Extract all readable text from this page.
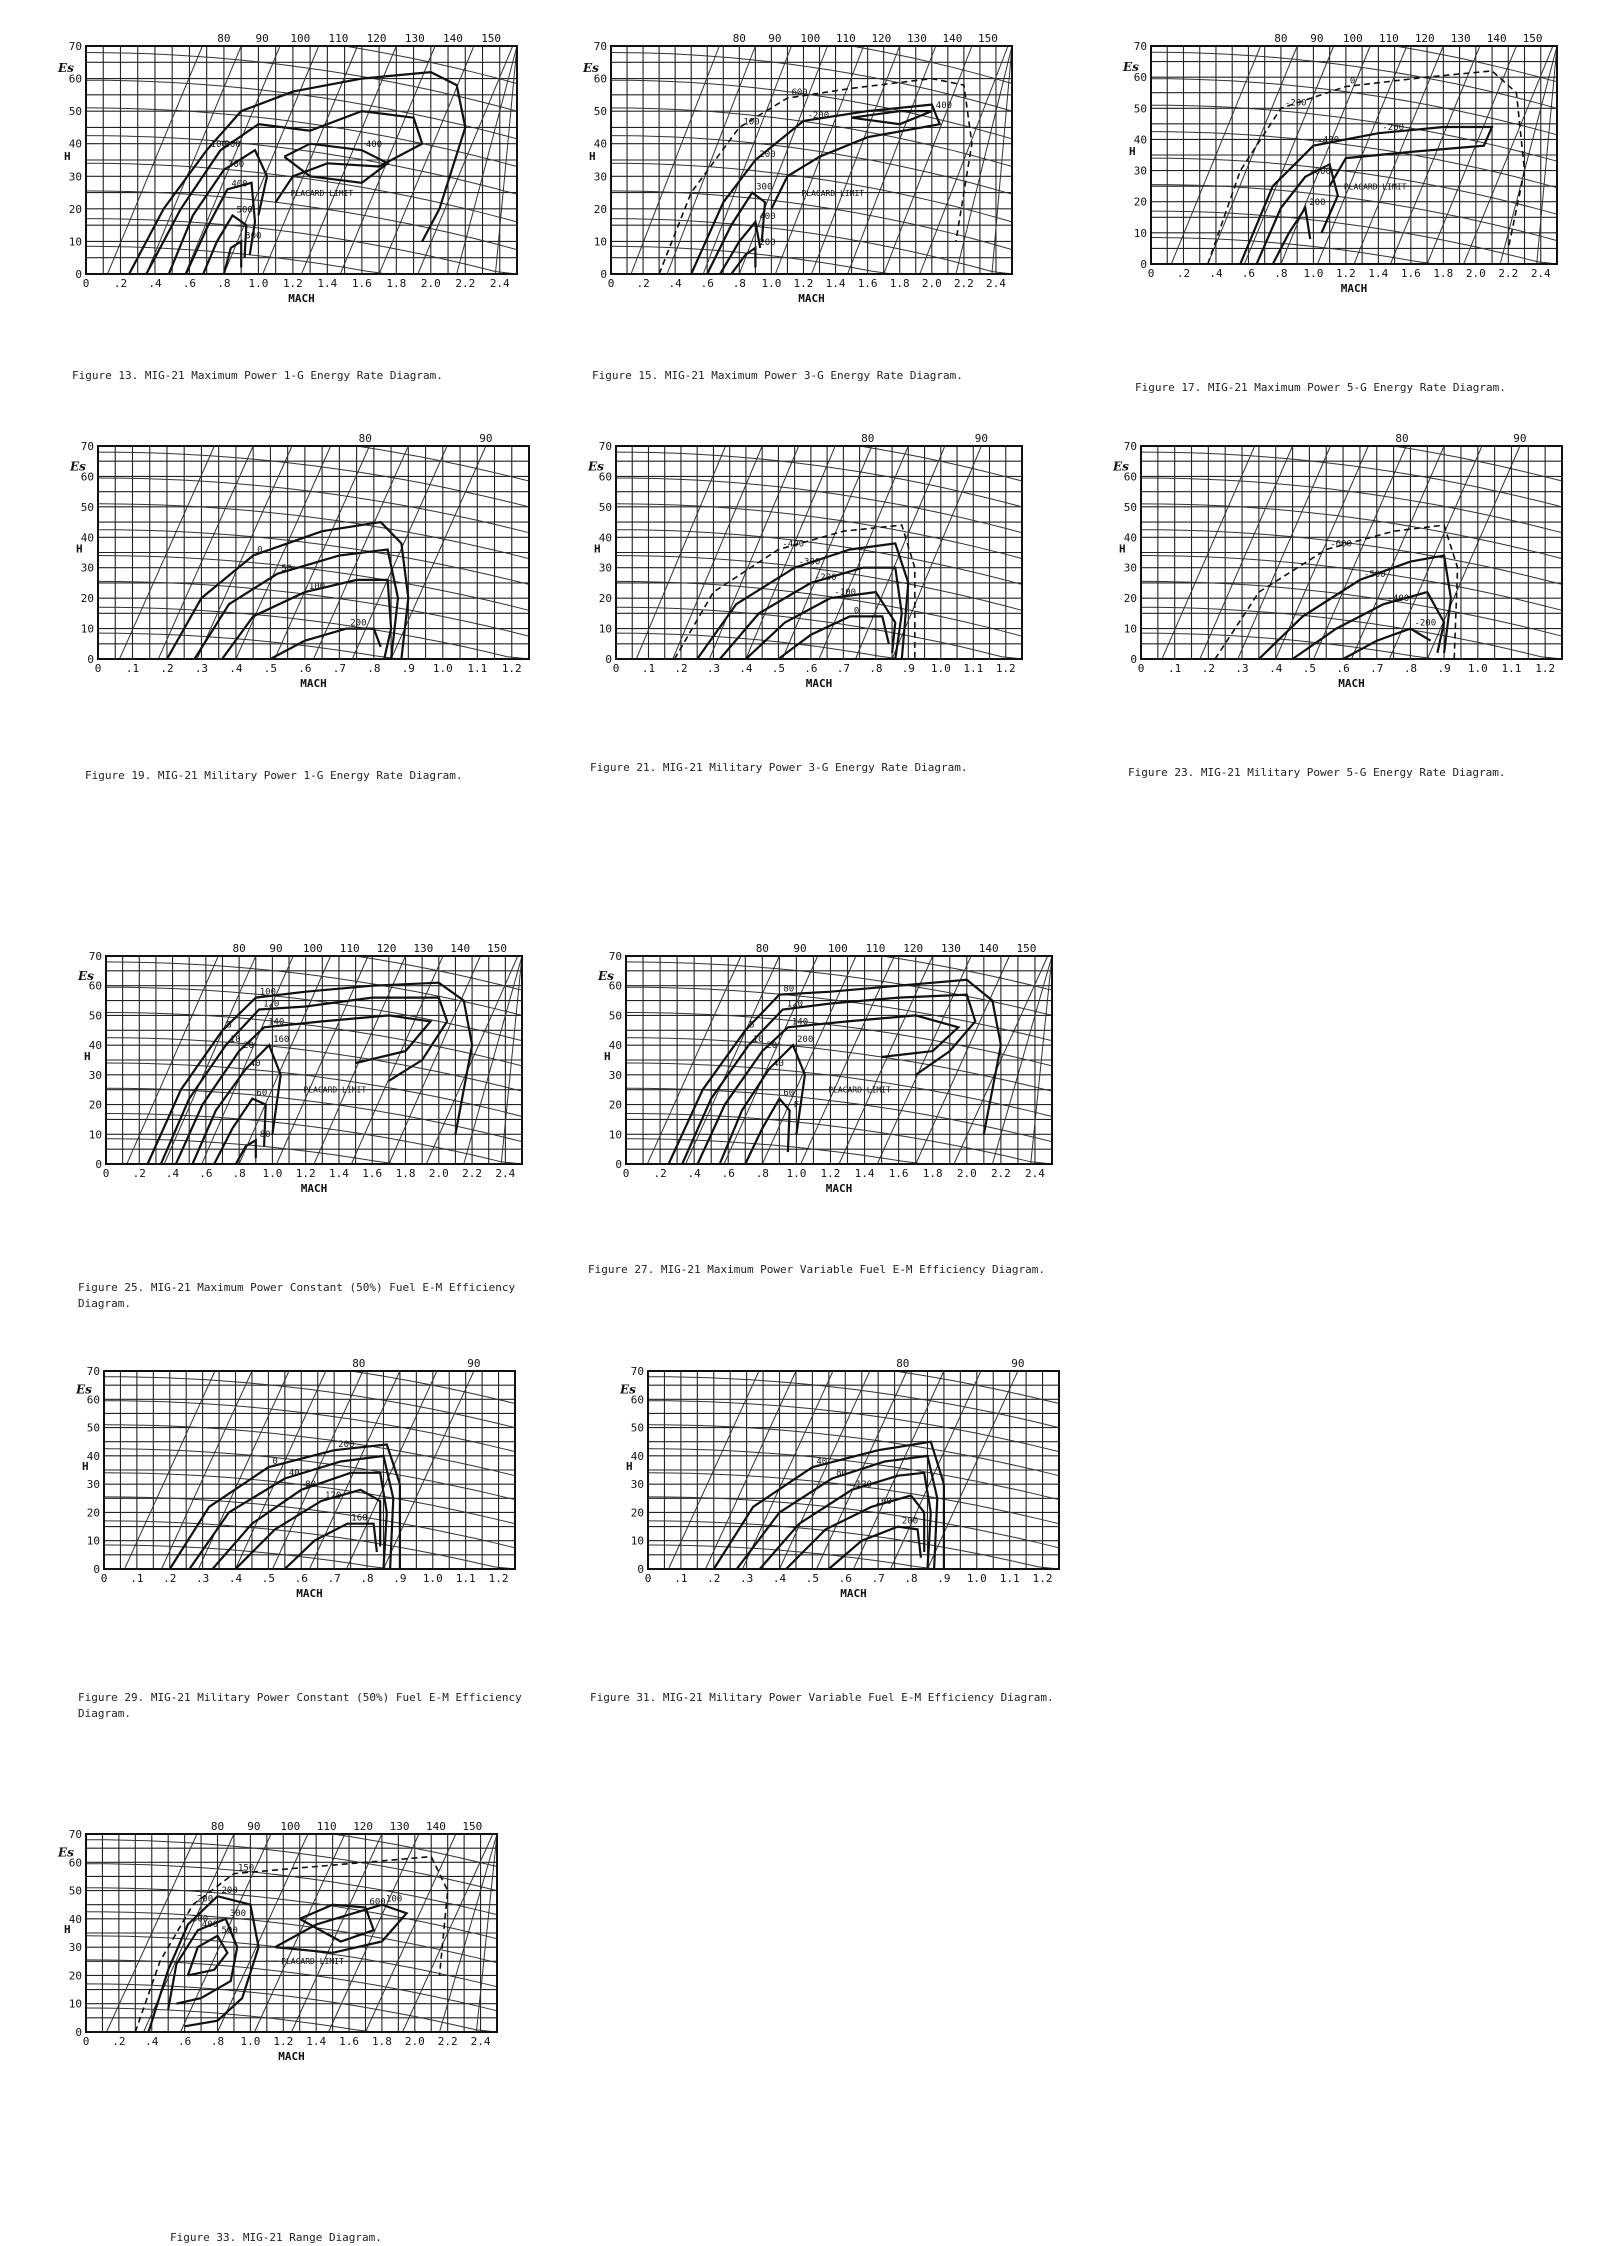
0 .2 .4 .6 .8 1.0 1.2 1.4 1.6 1.8 2.0 2.2 2.4
0
10
20
30
40
50
60
70
80 90 100 110 120 130 140 150
MACH
H
Es
100
200
300
400
500
300
400
PLACARD LIMIT
Figure 13. MIG-21 Maximum Power 1-G Energy Rate Diagram.
0 .2 .4 .6 .8 1.0 1.2 1.4 1.6 1.8 2.0 2.2 2.4
0
10
20
30
40
50
60
70
80 90 100 110 120 130 140 150
MACH
H
Es
100
200
300
400
200
400
600
-200
PLACARD LIMIT
Figure 15. MIG-21 Maximum Power 3-G Energy Rate Diagram.
0 .2 .4 .6 .8 1.0 1.2 1.4 1.6 1.8 2.0 2.2 2.4
0
10
20
30
40
50
60
70
80 90 100 110 120 130 140 150
MACH
H
Es
-200
-400
-600
200
0
-200
PLACARD LIMIT
Figure 17. MIG-21 Maximum Power 5-G Energy Rate Diagram.
0 .1 .2 .3 .4 .5 .6 .7 .8 .9 1.0 1.1 1.2
0
10
20
30
40
50
60
70
80	90
MACH
H
Es
0
50
100
200
Figure 19. MIG-21 Military Power 1-G Energy Rate Diagram.
0 .1 .2 .3 .4 .5 .6 .7 .8 .9 1.0 1.1 1.2
0
10
20
30
40
50
60
70
80	90
MACH
H
Es
-400
-300
-200
-100
0
Figure 21. MIG-21 Military Power 3-G Energy Rate Diagram.
0 .1 .2 .3 .4 .5 .6 .7 .8 .9 1.0 1.1 1.2
0
10
20
30
40
50
60
70
80	90
MACH
H
Es
-600
-500
-400
-200
Figure 23. MIG-21 Military Power 5-G Energy Rate Diagram.
0 .2 .4 .6 .8 1.0 1.2 1.4 1.6 1.8 2.0 2.2 2.4
0
10
20
30
40
50
60
70
80 90 100 110 120 130 140 150
MACH
H
Es
5
10
20
40
60
80
100
120
140
160
PLACARD LIMIT
Figure 25. MIG-21 Maximum Power Constant (50%) Fuel E-M Efficiency Diagram.
0 .2 .4 .6 .8 1.0 1.2 1.4 1.6 1.8 2.0 2.2 2.4
0
10
20
30
40
50
60
70
80 90 100 110 120 130 140 150
MACH
H
Es
5
10
20
40
60
80
120
140
200
F
PLACARD LIMIT
Figure 27. MIG-21 Maximum Power Variable Fuel E-M Efficiency Diagram.
0 .1 .2 .3 .4 .5 .6 .7 .8 .9 1.0 1.1 1.2
0
10
20
30
40
50
60
70
80	90
MACH
H
Es
0
40
80
120
160
200
Figure 29. MIG-21 Military Power Constant (50%) Fuel E-M Efficiency Diagram.
0 .1 .2 .3 .4 .5 .6 .7 .8 .9 1.0 1.1 1.2
0
10
20
30
40
50
60
70
80	90
MACH
H
Es
40
80
120
160
200
Figure 31. MIG-21 Military Power Variable Fuel E-M Efficiency Diagram.
0 .2 .4 .6 .8 1.0 1.2 1.4 1.6 1.8 2.0 2.2 2.4
0
10
20
30
40
50
60
70
80 90 100 110 120 130 140 150
MACH
H
Es
200
300
400
500
600 100
150
200
300
PLACARD LIMIT
Figure 33. MIG-21 Range Diagram.
